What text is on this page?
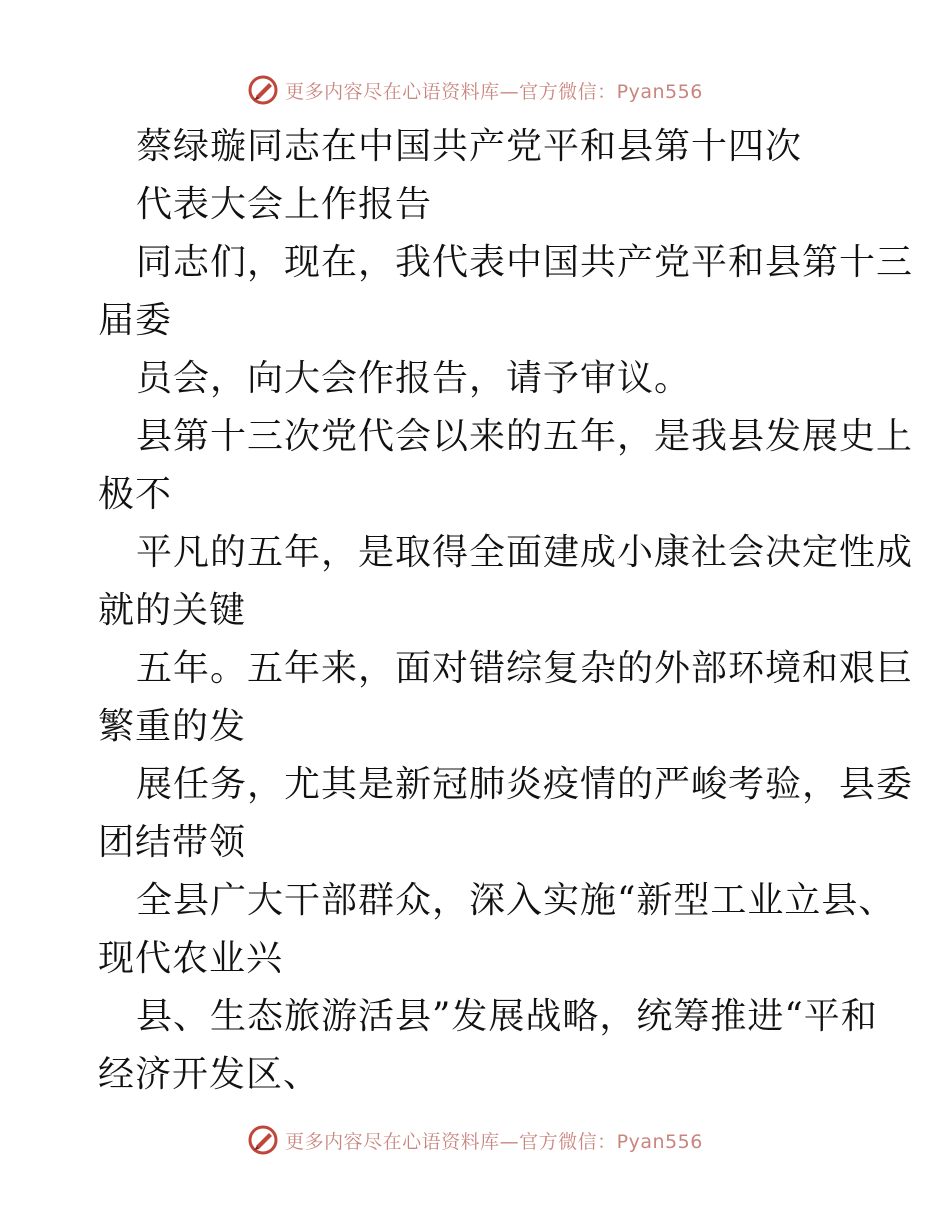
更多内容尽在心语资料库—官方微信：Pyan556
蔡绿璇同志在中国共产党平和县第十四次
代表大会上作报告
同志们，现在，我代表中国共产党平和县第十三
届委
员会，向大会作报告，请予审议。
县第十三次党代会以来的五年，是我县发展史上
极不
平凡的五年，是取得全面建成小康社会决定性成
就的关键
五年。五年来，面对错综复杂的外部环境和艰巨
繁重的发
展任务，尤其是新冠肺炎疫情的严峻考验，县委
团结带领
全县广大干部群众，深入实施“新型工业立县、
现代农业兴
县、生态旅游活县”发展战略，统筹推进“平和
经济开发区、
更多内容尽在心语资料库—官方微信：Pyan556
